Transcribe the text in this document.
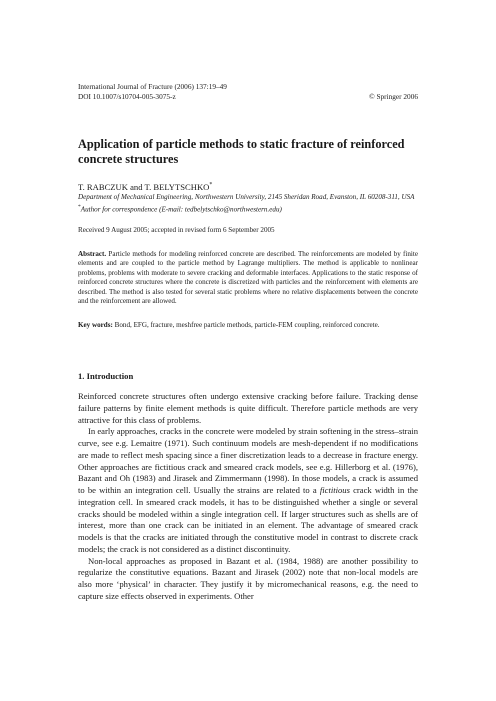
International Journal of Fracture (2006) 137:19–49
DOI 10.1007/s10704-005-3075-z	© Springer 2006
Application of particle methods to static fracture of reinforced concrete structures
T. RABCZUK and T. BELYTSCHKO*
Department of Mechanical Engineering, Northwestern University, 2145 Sheridan Road, Evanston, IL 60208-311, USA
*Author for correspondence (E-mail: tedbelytschko@northwestern.edu)
Received 9 August 2005; accepted in revised form 6 September 2005
Abstract. Particle methods for modeling reinforced concrete are described. The reinforcements are modeled by finite elements and are coupled to the particle method by Lagrange multipliers. The method is applicable to nonlinear problems, problems with moderate to severe cracking and deformable interfaces. Applications to the static response of reinforced concrete structures where the concrete is discretized with particles and the reinforcement with elements are described. The method is also tested for several static problems where no relative displacements between the concrete and the reinforcement are allowed.
Key words: Bond, EFG, fracture, meshfree particle methods, particle-FEM coupling, reinforced concrete.
1. Introduction

Reinforced concrete structures often undergo extensive cracking before failure. Tracking dense failure patterns by finite element methods is quite difficult. Therefore particle methods are very attractive for this class of problems.

In early approaches, cracks in the concrete were modeled by strain softening in the stress–strain curve, see e.g. Lemaitre (1971). Such continuum models are mesh-dependent if no modifications are made to reflect mesh spacing since a finer discretization leads to a decrease in fracture energy. Other approaches are fictitious crack and smeared crack models, see e.g. Hillerborg et al. (1976), Bazant and Oh (1983) and Jirasek and Zimmermann (1998). In those models, a crack is assumed to be within an integration cell. Usually the strains are related to a fictitious crack width in the integration cell. In smeared crack models, it has to be distinguished whether a single or several cracks should be modeled within a single integration cell. If larger structures such as shells are of interest, more than one crack can be initiated in an element. The advantage of smeared crack models is that the cracks are initiated through the constitutive model in contrast to discrete crack models; the crack is not considered as a distinct discontinuity.

Non-local approaches as proposed in Bazant et al. (1984, 1988) are another possibility to regularize the constitutive equations. Bazant and Jirasek (2002) note that non-local models are also more ‘physical’ in character. They justify it by micromechanical reasons, e.g. the need to capture size effects observed in experiments. Other
